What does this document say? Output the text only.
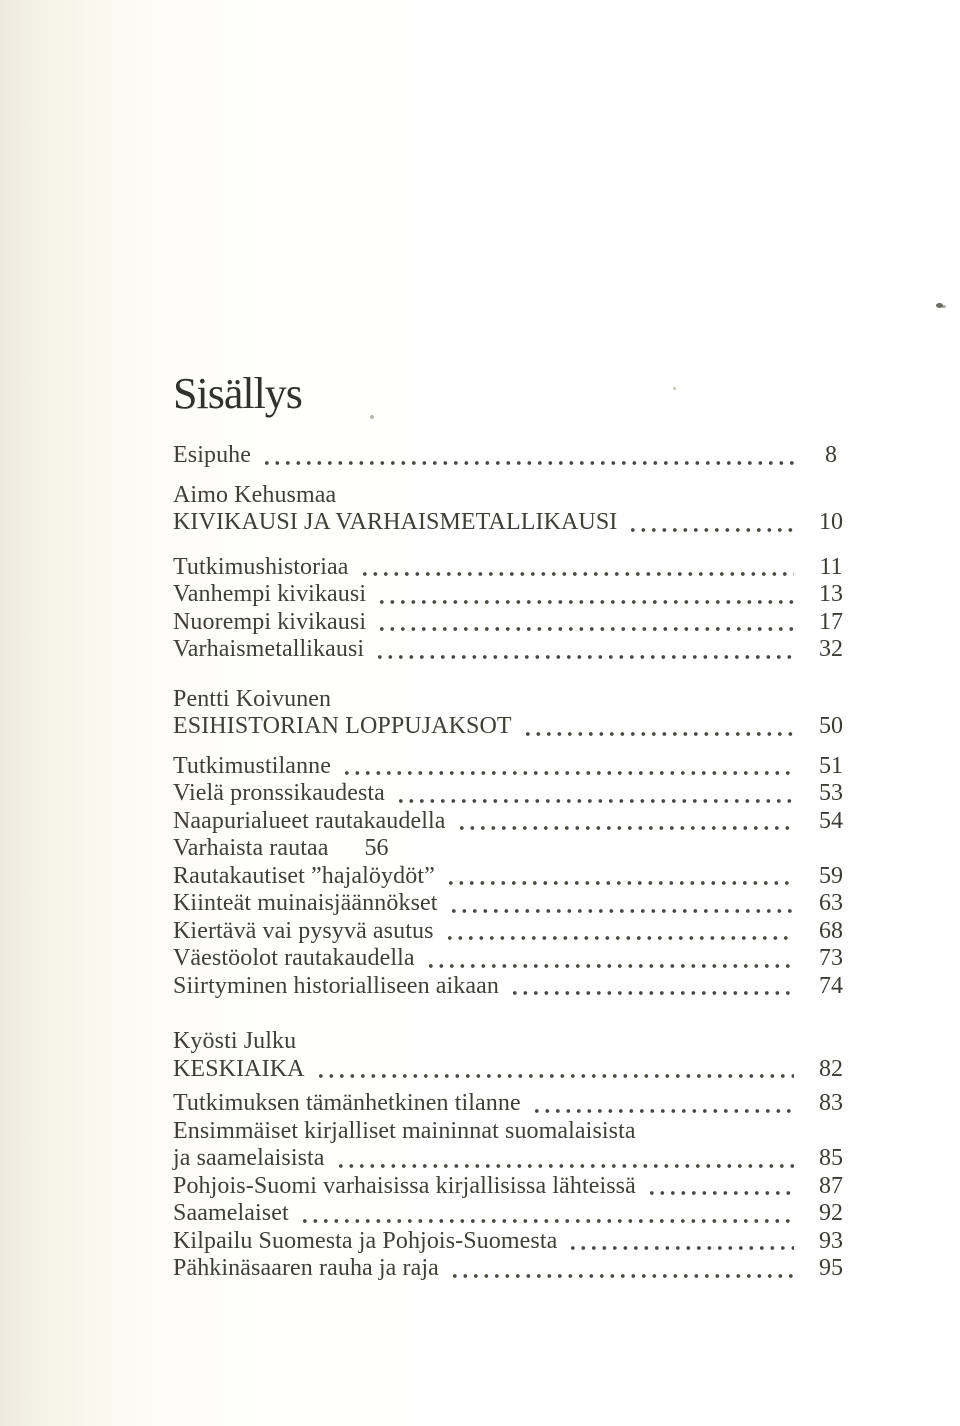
Sisällys
Esipuhe	8
Aimo Kehusmaa
KIVIKAUSI JA VARHAISMETALLIKAUSI	10
Tutkimushistoriaa	11
Vanhempi kivikausi	13
Nuorempi kivikausi	17
Varhaismetallikausi	32
Pentti Koivunen
ESIHISTORIAN LOPPUJAKSOT	50
Tutkimustilanne	51
Vielä pronssikaudesta	53
Naapurialueet rautakaudella	54
Varhaista rautaa 56
Rautakautiset ”hajalöydöt”	59
Kiinteät muinaisjäännökset	63
Kiertävä vai pysyvä asutus	68
Väestöolot rautakaudella	73
Siirtyminen historialliseen aikaan	74
Kyösti Julku
KESKIAIKA	82
Tutkimuksen tämänhetkinen tilanne	83
Ensimmäiset kirjalliset maininnat suomalaisista
ja saamelaisista	85
Pohjois-Suomi varhaisissa kirjallisissa lähteissä	87
Saamelaiset	92
Kilpailu Suomesta ja Pohjois-Suomesta	93
Pähkinäsaaren rauha ja raja	95
